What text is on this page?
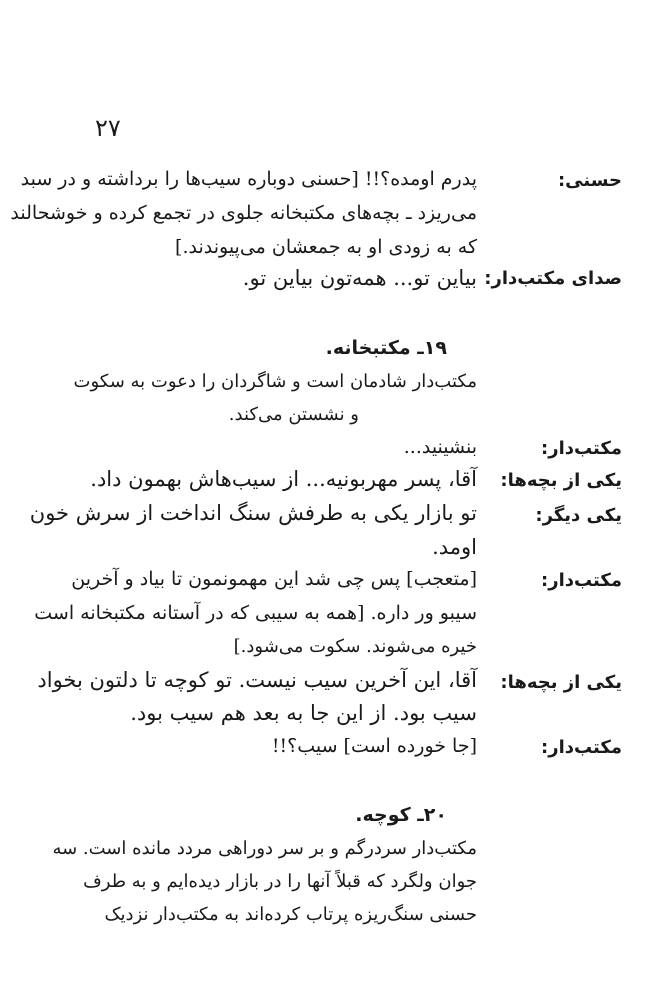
۲۷
حسنی:
پدرم اومده؟!! [حسنی دوباره سیب‌ها را برداشته و در سبد
می‌ریزد ـ بچه‌های مکتبخانه جلوی در تجمع کرده و خوشحالند
که به زودی او به جمعشان می‌پیوندند.]
صدای مکتب‌دار:
بیاین تو... همه‌تون بیاین تو.
۱۹ـ مکتبخانه.
مکتب‌دار شادمان است و شاگردان را دعوت به سکوت
و نشستن می‌کند.
مکتب‌دار:
بنشینید...
یکی از بچه‌ها:
آقا، پسر مهربونیه... از سیب‌هاش بهمون داد.
یکی دیگر:
تو بازار یکی به طرفش سنگ انداخت از سرش خون
اومد.
مکتب‌دار:
[متعجب] پس چی شد این مهمونمون تا بیاد و آخرین
سیبو ور داره. [همه به سیبی که در آستانه مکتبخانه است
خیره می‌شوند. سکوت می‌شود.]
یکی از بچه‌ها:
آقا، این آخرین سیب نیست. تو کوچه تا دلتون بخواد
سیب بود. از این جا به بعد هم سیب بود.
مکتب‌دار:
[جا خورده است] سیب؟!!
۲۰ـ کوچه.
مکتب‌دار سردرگم و بر سر دوراهی مردد مانده است. سه
جوان ولگرد که قبلاً آنها را در بازار دیده‌ایم و به طرف
حسنی سنگ‌ریزه پرتاب کرده‌اند به مکتب‌دار نزدیک
